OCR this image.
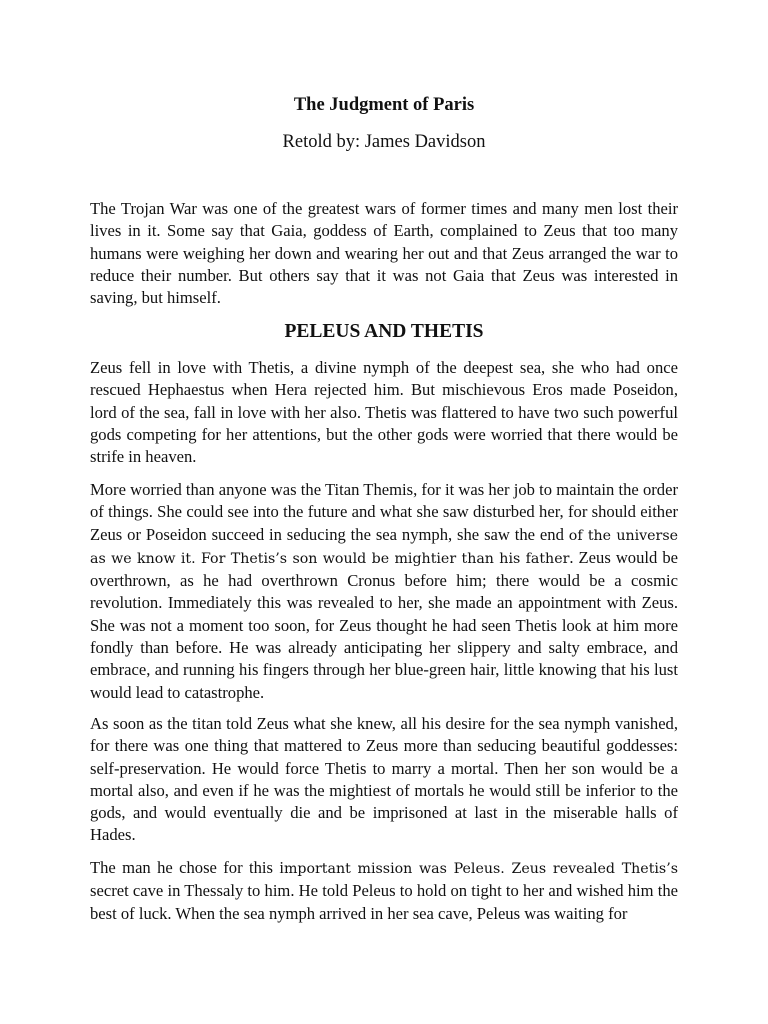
The Judgment of Paris
Retold by: James Davidson

The Trojan War was one of the greatest wars of former times and many men lost their lives in it. Some say that Gaia, goddess of Earth, complained to Zeus that too many humans were weighing her down and wearing her out and that Zeus arranged the war to reduce their number. But others say that it was not Gaia that Zeus was interested in saving, but himself.

PELEUS AND THETIS

Zeus fell in love with Thetis, a divine nymph of the deepest sea, she who had once rescued Hephaestus when Hera rejected him. But mischievous Eros made Poseidon, lord of the sea, fall in love with her also. Thetis was flattered to have two such powerful gods competing for her attentions, but the other gods were worried that there would be strife in heaven.

More worried than anyone was the Titan Themis, for it was her job to maintain the order of things. She could see into the future and what she saw disturbed her, for should either Zeus or Poseidon succeed in seducing the sea nymph, she saw the end of the universe as we know it. For Thetis’s son would be mightier than his father. Zeus would be overthrown, as he had overthrown Cronus before him; there would be a cosmic revolution. Immediately this was revealed to her, she made an appointment with Zeus. She was not a moment too soon, for Zeus thought he had seen Thetis look at him more fondly than before. He was already anticipating her slippery and salty embrace, and embrace, and running his fingers through her blue-green hair, little knowing that his lust would lead to catastrophe.

As soon as the titan told Zeus what she knew, all his desire for the sea nymph vanished, for there was one thing that mattered to Zeus more than seducing beautiful goddesses: self-preservation. He would force Thetis to marry a mortal. Then her son would be a mortal also, and even if he was the mightiest of mortals he would still be inferior to the gods, and would eventually die and be imprisoned at last in the miserable halls of Hades.

The man he chose for this important mission was Peleus. Zeus revealed Thetis’s secret cave in Thessaly to him. He told Peleus to hold on tight to her and wished him the best of luck. When the sea nymph arrived in her sea cave, Peleus was waiting for
